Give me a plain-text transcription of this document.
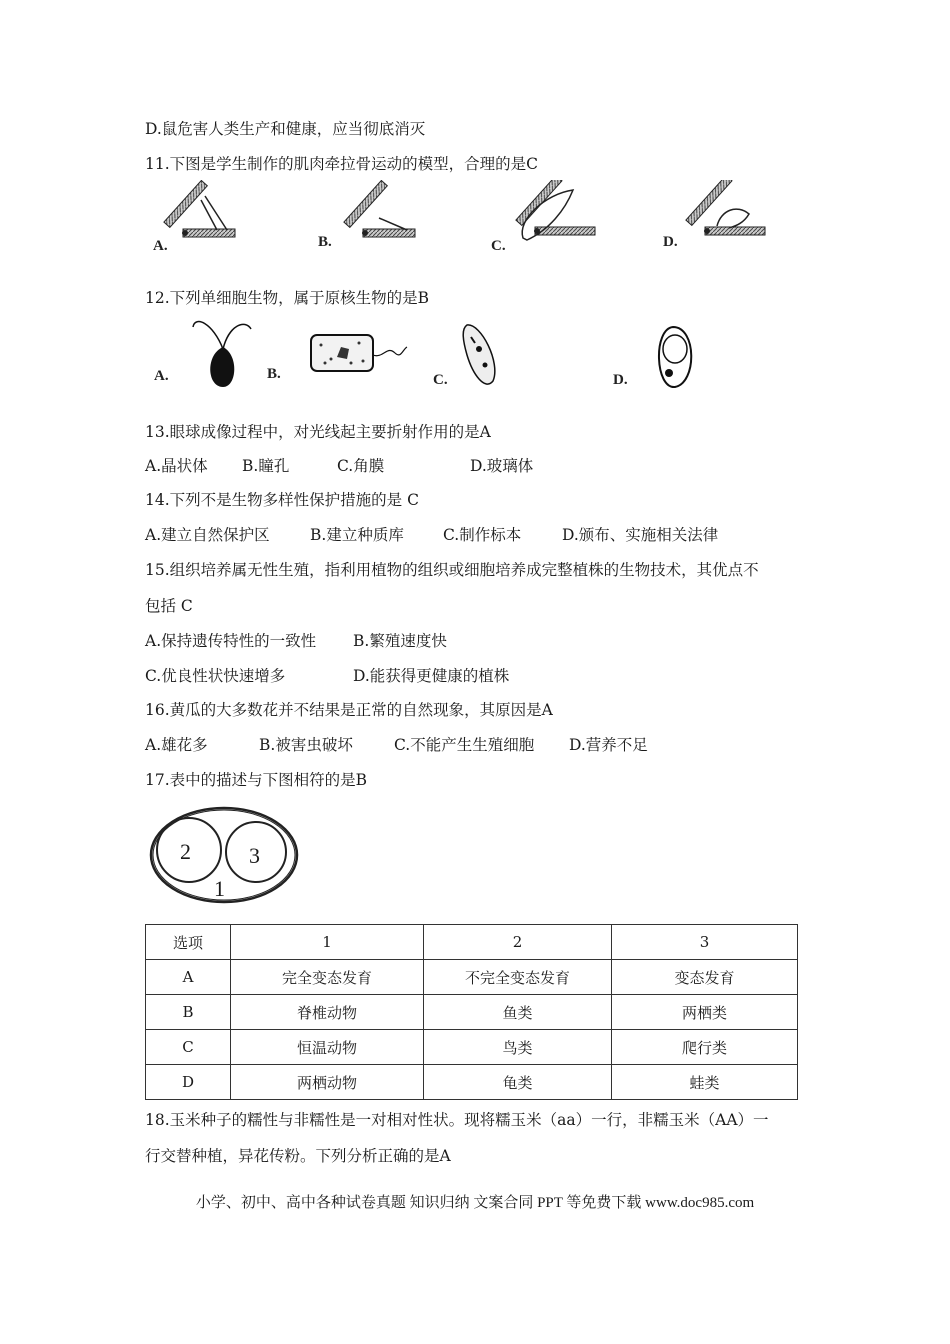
D.鼠危害人类生产和健康，应当彻底消灭
11.下图是学生制作的肌肉牵拉骨运动的模型，合理的是C
A.	B.	C.	D.
12.下列单细胞生物，属于原核生物的是B
A.	B.	C.	D.
13.眼球成像过程中，对光线起主要折射作用的是A
A.晶状体 B.瞳孔	C.角膜	D.玻璃体
14.下列不是生物多样性保护措施的是 C
A.建立自然保护区	B.建立种质库	C.制作标本	D.颁布、实施相关法律
15.组织培养属无性生殖，指利用植物的组织或细胞培养成完整植株的生物技术，其优点不
包括 C
A.保持遗传特性的一致性 B.繁殖速度快
C.优良性状快速增多	D.能获得更健康的植株
16.黄瓜的大多数花并不结果是正常的自然现象，其原因是A
A.雄花多	B.被害虫破坏	C.不能产生生殖细胞 D.营养不足
17.表中的描述与下图相符的是B
2	3
1
选项	1	2	3
A	完全变态发育	不完全变态发育	变态发育
B	脊椎动物	鱼类	两栖类
C	恒温动物	鸟类	爬行类
D	两栖动物	龟类	蛙类
18.玉米种子的糯性与非糯性是一对相对性状。现将糯玉米（aa）一行，非糯玉米（AA）一
行交替种植，异花传粉。下列分析正确的是A
小学、初中、高中各种试卷真题 知识归纳 文案合同 PPT 等免费下载 www.doc985.com
